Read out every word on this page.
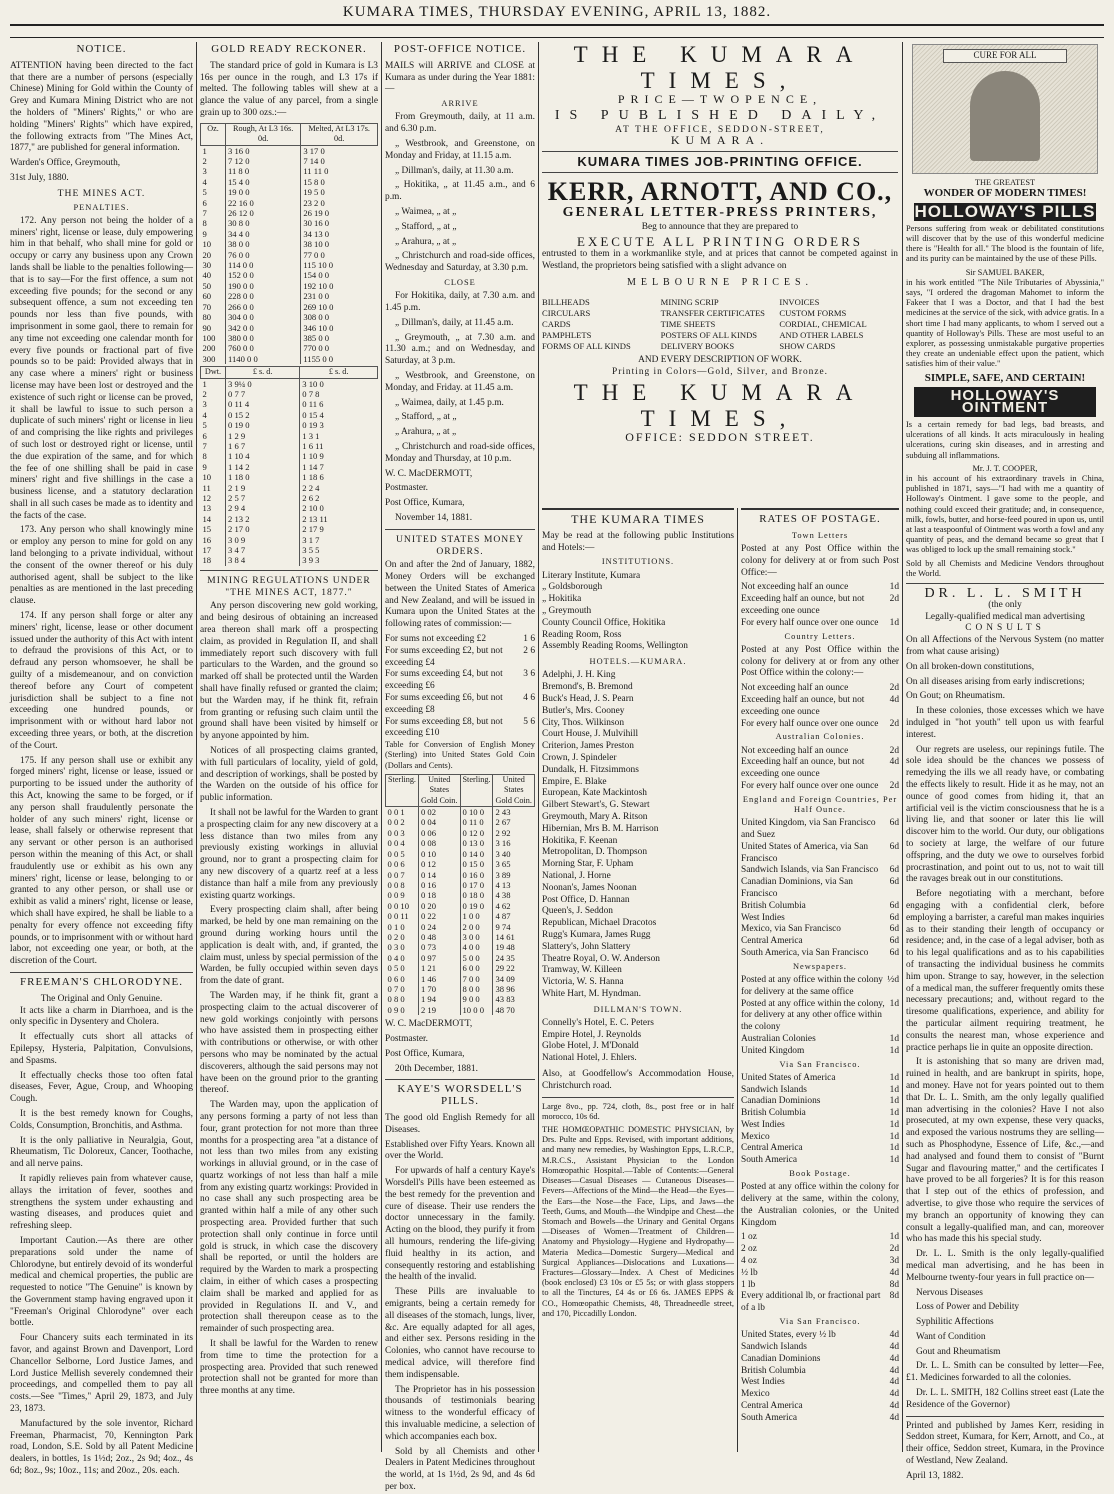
KUMARA TIMES, THURSDAY EVENING, APRIL 13, 1882.
NOTICE.

ATTENTION having been directed to the fact that there are a number of persons (especially Chinese) Mining for Gold within the County of Grey and Kumara Mining District who are not the holders of "Miners' Rights," or who are holding "Miners' Rights" which have expired, the following extracts from "The Mines Act, 1877," are published for general information.

Warden's Office, Greymouth,

31st July, 1880.

THE MINES ACT.
PENALTIES.

172. Any person not being the holder of a miners' right, license or lease, duly empowering him in that behalf, who shall mine for gold or occupy or carry any business upon any Crown lands shall be liable to the penalties following—that is to say—For the first offence, a sum not exceeding five pounds; for the second or any subsequent offence, a sum not exceeding ten pounds nor less than five pounds, with imprisonment in some gaol, there to remain for any time not exceeding one calendar month for every five pounds or fractional part of five pounds so to be paid: Provided always that in any case where a miners' right or business license may have been lost or destroyed and the existence of such right or license can be proved, it shall be lawful to issue to such person a duplicate of such miners' right or license in lieu of and comprising the like rights and privileges of such lost or destroyed right or license, until the due expiration of the same, and for which the fee of one shilling shall be paid in case miners' right and five shillings in the case a business license, and a statutory declaration shall in all such cases be made as to identity and the facts of the case.

173. Any person who shall knowingly mine or employ any person to mine for gold on any land belonging to a private individual, without the consent of the owner thereof or his duly authorised agent, shall be subject to the like penalties as are mentioned in the last preceding clause.

174. If any person shall forge or alter any miners' right, license, lease or other document issued under the authority of this Act with intent to defraud the provisions of this Act, or to defraud any person whomsoever, he shall be guilty of a misdemeanour, and on conviction thereof before any Court of competent jurisdiction shall be subject to a fine not exceeding one hundred pounds, or imprisonment with or without hard labor not exceeding three years, or both, at the discretion of the Court.

175. If any person shall use or exhibit any forged miners' right, license or lease, issued or purporting to be issued under the authority of this Act, knowing the same to be forged, or if any person shall fraudulently personate the holder of any such miners' right, license or lease, shall falsely or otherwise represent that any servant or other person is an authorised person within the meaning of this Act, or shall fraudulently use or exhibit as his own any miners' right, license or lease, belonging to or granted to any other person, or shall use or exhibit as valid a miners' right, license or lease, which shall have expired, he shall be liable to a penalty for every offence not exceeding fifty pounds, or to imprisonment with or without hard labor, not exceeding one year, or both, at the discretion of the Court.

FREEMAN'S CHLORODYNE.
The Original and Only Genuine.

It acts like a charm in Diarrhoea, and is the only specific in Dysentery and Cholera.

It effectually cuts short all attacks of Epilepsy, Hysteria, Palpitation, Convulsions, and Spasms.

It effectually checks those too often fatal diseases, Fever, Ague, Croup, and Whooping Cough.

It is the best remedy known for Coughs, Colds, Consumption, Bronchitis, and Asthma.

It is the only palliative in Neuralgia, Gout, Rheumatism, Tic Doloreux, Cancer, Toothache, and all nerve pains.

It rapidly relieves pain from whatever cause, allays the irritation of fever, soothes and strengthens the system under exhausting and wasting diseases, and produces quiet and refreshing sleep.

Important Caution.—As there are other preparations sold under the name of Chlorodyne, but entirely devoid of its wonderful medical and chemical properties, the public are requested to notice "The Genuine" is known by the Government stamp having engraved upon it "Freeman's Original Chlorodyne" over each bottle.

Four Chancery suits each terminated in its favor, and against Brown and Davenport, Lord Chancellor Selborne, Lord Justice James, and Lord Justice Mellish severely condemned their proceedings, and compelled them to pay all costs.—See "Times," April 29, 1873, and July 23, 1873.

Manufactured by the sole inventor, Richard Freeman, Pharmacist, 70, Kennington Park road, London, S.E. Sold by all Patent Medicine dealers, in bottles, 1s 1½d; 2oz., 2s 9d; 4oz., 4s 6d; 8oz., 9s; 10oz., 11s; and 20oz., 20s. each.

GOLD READY RECKONER.

The standard price of gold in Kumara is L3 16s per ounce in the rough, and L3 17s if melted. The following tables will shew at a glance the value of any parcel, from a single grain up to 300 ozs.:—

Oz.	Rough, At L3 16s. 0d.	Melted, At L3 17s. 0d.
1	3 16 0	3 17 0
2	7 12 0	7 14 0
3	11 8 0	11 11 0
4	15 4 0	15 8 0
5	19 0 0	19 5 0
6	22 16 0	23 2 0
7	26 12 0	26 19 0
8	30 8 0	30 16 0
9	34 4 0	34 13 0
10	38 0 0	38 10 0
20	76 0 0	77 0 0
30	114 0 0	115 10 0
40	152 0 0	154 0 0
50	190 0 0	192 10 0
60	228 0 0	231 0 0
70	266 0 0	269 10 0
80	304 0 0	308 0 0
90	342 0 0	346 10 0
100	380 0 0	385 0 0
200	760 0 0	770 0 0
300	1140 0 0	1155 0 0
Dwt.	£ s. d.	£ s. d.
1	3 9¼ 0	3 10 0
2	0 7 7	0 7 8
3	0 11 4	0 11 6
4	0 15 2	0 15 4
5	0 19 0	0 19 3
6	1 2 9	1 3 1
7	1 6 7	1 6 11
8	1 10 4	1 10 9
9	1 14 2	1 14 7
10	1 18 0	1 18 6
11	2 1 9	2 2 4
12	2 5 7	2 6 2
13	2 9 4	2 10 0
14	2 13 2	2 13 11
15	2 17 0	2 17 9
16	3 0 9	3 1 7
17	3 4 7	3 5 5
18	3 8 4	3 9 3
MINING REGULATIONS UNDER "THE MINES ACT, 1877."

Any person discovering new gold working, and being desirous of obtaining an increased area thereon shall mark off a prospecting claim, as provided in Regulation II, and shall immediately report such discovery with full particulars to the Warden, and the ground so marked off shall be protected until the Warden shall have finally refused or granted the claim; but the Warden may, if he think fit, refrain from granting or refusing such claim until the ground shall have been visited by himself or by anyone appointed by him.

Notices of all prospecting claims granted, with full particulars of locality, yield of gold, and description of workings, shall be posted by the Warden on the outside of his office for public information.

It shall not be lawful for the Warden to grant a prospecting claim for any new discovery at a less distance than two miles from any previously existing workings in alluvial ground, nor to grant a prospecting claim for any new discovery of a quartz reef at a less distance than half a mile from any previously existing quartz workings.

Every prospecting claim shall, after being marked, be held by one man remaining on the ground during working hours until the application is dealt with, and, if granted, the claim must, unless by special permission of the Warden, be fully occupied within seven days from the date of grant.

The Warden may, if he think fit, grant a prospecting claim to the actual discoverer of new gold workings conjointly with persons who have assisted them in prospecting either with contributions or otherwise, or with other persons who may be nominated by the actual discoverers, although the said persons may not have been on the ground prior to the granting thereof.

The Warden may, upon the application of any persons forming a party of not less than four, grant protection for not more than three months for a prospecting area "at a distance of not less than two miles from any existing workings in alluvial ground, or in the case of quartz workings of not less than half a mile from any existing quartz workings: Provided in no case shall any such prospecting area be granted within half a mile of any other such prospecting area. Provided further that such protection shall only continue in force until gold is struck, in which case the discovery shall be reported, or until the holders are required by the Warden to mark a prospecting claim, in either of which cases a prospecting claim shall be marked and applied for as provided in Regulations II. and V., and protection shall thereupon cease as to the remainder of such prospecting area.

It shall be lawful for the Warden to renew from time to time the protection for a prospecting area. Provided that such renewed protection shall not be granted for more than three months at any time.

POST-OFFICE NOTICE.

MAILS will ARRIVE and CLOSE at Kumara as under during the Year 1881:—

ARRIVE

From Greymouth, daily, at 11 a.m. and 6.30 p.m.

„ Westbrook, and Greenstone, on Monday and Friday, at 11.15 a.m.

„ Dillman's, daily, at 11.30 a.m.

„ Hokitika, „ at 11.45 a.m., and 6 p.m.

„ Waimea, „ at „

„ Stafford, „ at „

„ Arahura, „ at „

„ Christchurch and road-side offices, Wednesday and Saturday, at 3.30 p.m.

CLOSE

For Hokitika, daily, at 7.30 a.m. and 1.45 p.m.

„ Dillman's, daily, at 11.45 a.m.

„ Greymouth, „ at 7.30 a.m. and 11.30 a.m.; and on Wednesday, and Saturday, at 3 p.m.

„ Westbrook, and Greenstone, on Monday, and Friday. at 11.45 a.m.

„ Waimea, daily, at 1.45 p.m.

„ Stafford, „ at „

„ Arahura, „ at „

„ Christchurch and road-side offices, Monday and Thursday, at 10 p.m.

W. C. MacDERMOTT,

Postmaster.

Post Office, Kumara,

November 14, 1881.

UNITED STATES MONEY ORDERS.

On and after the 2nd of January, 1882, Money Orders will be exchanged between the United States of America and New Zealand, and will be issued in Kumara upon the United States at the following rates of commission:—

For sums not exceeding £2	1 6
For sums exceeding £2, but not exceeding £4
2 6
For sums exceeding £4, but not exceeding £6
3 6
For sums exceeding £6, but not exceeding £8
4 6
For sums exceeding £8, but not exceeding £10
5 6

Table for Conversion of English Money (Sterling) into United States Gold Coin (Dollars and Cents).

Sterling.	United States Gold Coin.	Sterling.	United States Gold Coin.
0 0 1	0 02	0 10 0	2 43
0 0 2	0 04	0 11 0	2 67
0 0 3	0 06	0 12 0	2 92
0 0 4	0 08	0 13 0	3 16
0 0 5	0 10	0 14 0	3 40
0 0 6	0 12	0 15 0	3 65
0 0 7	0 14	0 16 0	3 89
0 0 8	0 16	0 17 0	4 13
0 0 9	0 18	0 18 0	4 38
0 0 10	0 20	0 19 0	4 62
0 0 11	0 22	1 0 0	4 87
0 1 0	0 24	2 0 0	9 74
0 2 0	0 48	3 0 0	14 61
0 3 0	0 73	4 0 0	19 48
0 4 0	0 97	5 0 0	24 35
0 5 0	1 21	6 0 0	29 22
0 6 0	1 46	7 0 0	34 09
0 7 0	1 70	8 0 0	38 96
0 8 0	1 94	9 0 0	43 83
0 9 0	2 19	10 0 0	48 70

W. C. MacDERMOTT,

Postmaster.

Post Office, Kumara,

20th December, 1881.

KAYE'S WORSDELL'S PILLS.

The good old English Remedy for all Diseases.

Established over Fifty Years. Known all over the World.

For upwards of half a century Kaye's Worsdell's Pills have been esteemed as the best remedy for the prevention and cure of disease. Their use renders the doctor unnecessary in the family. Acting on the blood, they purify it from all humours, rendering the life-giving fluid healthy in its action, and consequently restoring and establishing the health of the invalid.

These Pills are invaluable to emigrants, being a certain remedy for all diseases of the stomach, lungs, liver, &c. Are equally adapted for all ages, and either sex. Persons residing in the Colonies, who cannot have recourse to medical advice, will therefore find them indispensable.

The Proprietor has in his possession thousands of testimonials bearing witness to the wonderful efficacy of this invaluable medicine, a selection of which accompanies each box.

Sold by all Chemists and other Dealers in Patent Medicines throughout the world, at 1s 1½d, 2s 9d, and 4s 6d per box.

THE KUMARA TIMES,
PRICE—TWOPENCE,
IS PUBLISHED DAILY,
AT THE OFFICE, SEDDON-STREET,
KUMARA.
KUMARA TIMES JOB-PRINTING OFFICE.
KERR, ARNOTT, AND CO.,
GENERAL LETTER-PRESS PRINTERS,
Beg to announce that they are prepared to
EXECUTE ALL PRINTING ORDERS

entrusted to them in a workmanlike style, and at prices that cannot be competed against in Westland, the proprietors being satisfied with a slight advance on

MELBOURNE PRICES.
BILLHEADS	MINING SCRIP	INVOICES
CIRCULARS	TRANSFER CERTIFICATES	CUSTOM FORMS
CARDS	TIME SHEETS	CORDIAL, CHEMICAL
PAMPHLETS	POSTERS OF ALL KINDS	AND OTHER LABELS
FORMS OF ALL KINDS	DELIVERY BOOKS	SHOW CARDS
AND EVERY DESCRIPTION OF WORK.
Printing in Colors—Gold, Silver, and Bronze.
THE KUMARA TIMES,
OFFICE: SEDDON STREET.
THE KUMARA TIMES

May be read at the following public Institutions and Hotels:—

INSTITUTIONS.
Literary Institute, Kumara
„ Goldsborough
„ Hokitika
„ Greymouth
County Council Office, Hokitika
Reading Room, Ross
Assembly Reading Rooms, Wellington
HOTELS.—KUMARA.
Adelphi, J. H. King
Bremond's, B. Bremond
Buck's Head, J. S. Pearn
Butler's, Mrs. Cooney
City, Thos. Wilkinson
Court House, J. Mulvihill
Criterion, James Preston
Crown, J. Spindeler
Dundalk, H. Fitzsimmons
Empire, E. Blake
European, Kate Mackintosh
Gilbert Stewart's, G. Stewart
Greymouth, Mary A. Ritson
Hibernian, Mrs B. M. Harrison
Hokitika, F. Keenan
Metropolitan, D. Thompson
Morning Star, F. Upham
National, J. Horne
Noonan's, James Noonan
Post Office, D. Hannan
Queen's, J. Seddon
Republican, Michael Dracotos
Rugg's Kumara, James Rugg
Slattery's, John Slattery
Theatre Royal, O. W. Anderson
Tramway, W. Killeen
Victoria, W. S. Hanna
White Hart, M. Hyndman.
DILLMAN'S TOWN.
Connelly's Hotel, E. C. Peters
Empire Hotel, J. Reynolds
Globe Hotel, J. M'Donald
National Hotel, J. Ehlers.

Also, at Goodfellow's Accommodation House, Christchurch road.

Large 8vo., pp. 724, cloth, 8s., post free or in half morocco, 10s 6d.

THE HOMŒOPATHIC DOMESTIC PHYSICIAN, by Drs. Pulte and Epps. Revised, with important additions, and many new remedies, by Washington Epps, L.R.C.P., M.R.C.S., Assistant Physician to the London Homœopathic Hospital.—Table of Contents:—General Diseases—Casual Diseases — Cutaneous Diseases—Fevers—Affections of the Mind—the Head—the Eyes—the Ears—the Nose—the Face, Lips, and Jaws—the Teeth, Gums, and Mouth—the Windpipe and Chest—the Stomach and Bowels—the Urinary and Genital Organs—Diseases of Women—Treatment of Children—Anatomy and Physiology—Hygiene and Hydropathy—Materia Medica—Domestic Surgery—Medical and Surgical Appliances—Dislocations and Luxations—Fractures—Glossary—Index. A Chest of Medicines (book enclosed) £3 10s or £5 5s; or with glass stoppers to all the Tinctures, £4 4s or £6 6s. JAMES EPPS & CO., Homœopathic Chemists, 48, Threadneedle street, and 170, Piccadilly London.

RATES OF POSTAGE.
Town Letters

Posted at any Post Office within the colony for delivery at or from such Post Office:—

Not exceeding half an ounce	1d
Exceeding half an ounce, but not exceeding one ounce
2d
For every half ounce over one ounce	1d
Country Letters.

Posted at any Post Office within the colony for delivery at or from any other Post Office within the colony:—

Not exceeding half an ounce	2d
Exceeding half an ounce, but not exceeding one ounce
4d
For every half ounce over one ounce	2d
Australian Colonies.
Not exceeding half an ounce	2d
Exceeding half an ounce, but not exceeding one ounce
4d
For every half ounce over one ounce	2d
England and Foreign Countries, Per Half Ounce.
United Kingdom, via San Francisco and Suez
6d
United States of America, via San Francisco
6d
Sandwich Islands, via San Francisco	6d
Canadian Dominions, via San Francisco
6d
British Columbia	6d
West Indies	6d
Mexico, via San Francisco	6d
Central America	6d
South America, via San Francisco	6d
Newspapers.
Posted at any office within the colony for delivery at the same office
½d
Posted at any office within the colony, for delivery at any other office within the colony
1d
Australian Colonies	1d
United Kingdom	1d
Via San Francisco.
United States of America	1d
Sandwich Islands	1d
Canadian Dominions	1d
British Columbia	1d
West Indies	1d
Mexico	1d
Central America	1d
South America	1d
Book Postage.

Posted at any office within the colony for delivery at the same, within the colony, the Australian colonies, or the United Kingdom

1 oz	1d
2 oz	2d
4 oz	3d
½ lb	4d
1 lb	8d
Every additional lb, or fractional part of a lb
8d
Via San Francisco.
United States, every ½ lb	4d
Sandwich Islands	4d
Canadian Dominions	4d
British Columbia	4d
West Indies	4d
Mexico	4d
Central America	4d
South America	4d
CURE FOR ALL
THE GREATEST
WONDER OF MODERN TIMES!
HOLLOWAY'S PILLS

Persons suffering from weak or debilitated constitutions will discover that by the use of this wonderful medicine there is "Health for all." The blood is the fountain of life, and its purity can be maintained by the use of these Pills.

Sir SAMUEL BAKER,

in his work entitled "The Nile Tributaries of Abyssinia," says, "I ordered the dragoman Mahomet to inform the Fakeer that I was a Doctor, and that I had the best medicines at the service of the sick, with advice gratis. In a short time I had many applicants, to whom I served out a quantity of Holloway's Pills. These are most useful to an explorer, as possessing unmistakable purgative properties they create an undeniable effect upon the patient, which satisfies him of their value."

SIMPLE, SAFE, AND CERTAIN!
HOLLOWAY'S OINTMENT

Is a certain remedy for bad legs, bad breasts, and ulcerations of all kinds. It acts miraculously in healing ulcerations, curing skin diseases, and in arresting and subduing all inflammations.

Mr. J. T. COOPER,

in his account of his extraordinary travels in China, published in 1871, says—"I had with me a quantity of Holloway's Ointment. I gave some to the people, and nothing could exceed their gratitude; and, in consequence, milk, fowls, butter, and horse-feed poured in upon us, until at last a teaspoonful of Ointment was worth a fowl and any quantity of peas, and the demand became so great that I was obliged to lock up the small remaining stock."

Sold by all Chemists and Medicine Vendors throughout the World.

DR. L. L. SMITH
(the only
Legally-qualified medical man advertising
CONSULTS

On all Affections of the Nervous System (no matter from what cause arising)

On all broken-down constitutions,

On all diseases arising from early indiscretions;

On Gout; on Rheumatism.

In these colonies, those excesses which we have indulged in "hot youth" tell upon us with fearful interest.

Our regrets are useless, our repinings futile. The sole idea should be the chances we possess of remedying the ills we all ready have, or combating the effects likely to result. Hide it as he may, not an ounce of good comes from hiding it, that an artificial veil is the victim consciousness that he is a living lie, and that sooner or later this lie will discover him to the world. Our duty, our obligations to society at large, the welfare of our future offspring, and the duty we owe to ourselves forbid procrastination, and point out to us, not to wait till the ravages break out in our constitutions.

Before negotiating with a merchant, before engaging with a confidential clerk, before employing a barrister, a careful man makes inquiries as to their standing their length of occupancy or residence; and, in the case of a legal adviser, both as to his legal qualifications and as to his capabilities of transacting the individual business he commits him upon. Strange to say, however, in the selection of a medical man, the sufferer frequently omits these necessary precautions; and, without regard to the tiresome qualifications, experience, and ability for the particular ailment requiring treatment, he consults the nearest man, whose experience and practice perhaps lie in quite an opposite direction.

It is astonishing that so many are driven mad, ruined in health, and are bankrupt in spirits, hope, and money. Have not for years pointed out to them that Dr. L. L. Smith, am the only legally qualified man advertising in the colonies? Have I not also prosecuted, at my own expense, these very quacks, and exposed the various nostrums they are selling—such as Phosphodyne, Essence of Life, &c.,—and had analysed and found them to consist of "Burnt Sugar and flavouring matter," and the certificates I have proved to be all forgeries? It is for this reason that I step out of the ethics of profession, and advertise, to give those who require the services of my branch an opportunity of knowing they can consult a legally-qualified man, and can, moreover who has made this his special study.

Dr. L. L. Smith is the only legally-qualified medical man advertising, and he has been in Melbourne twenty-four years in full practice on—

Nervous Diseases

Loss of Power and Debility

Syphilitic Affections

Want of Condition

Gout and Rheumatism

Dr. L. L. Smith can be consulted by letter—Fee, £1. Medicines forwarded to all the colonies.

Dr. L. L. SMITH, 182 Collins street east (Late the Residence of the Governor)

Printed and published by James Kerr, residing in Seddon street, Kumara, for Kerr, Arnott, and Co., at their office, Seddon street, Kumara, in the Province of Westland, New Zealand.

April 13, 1882.
